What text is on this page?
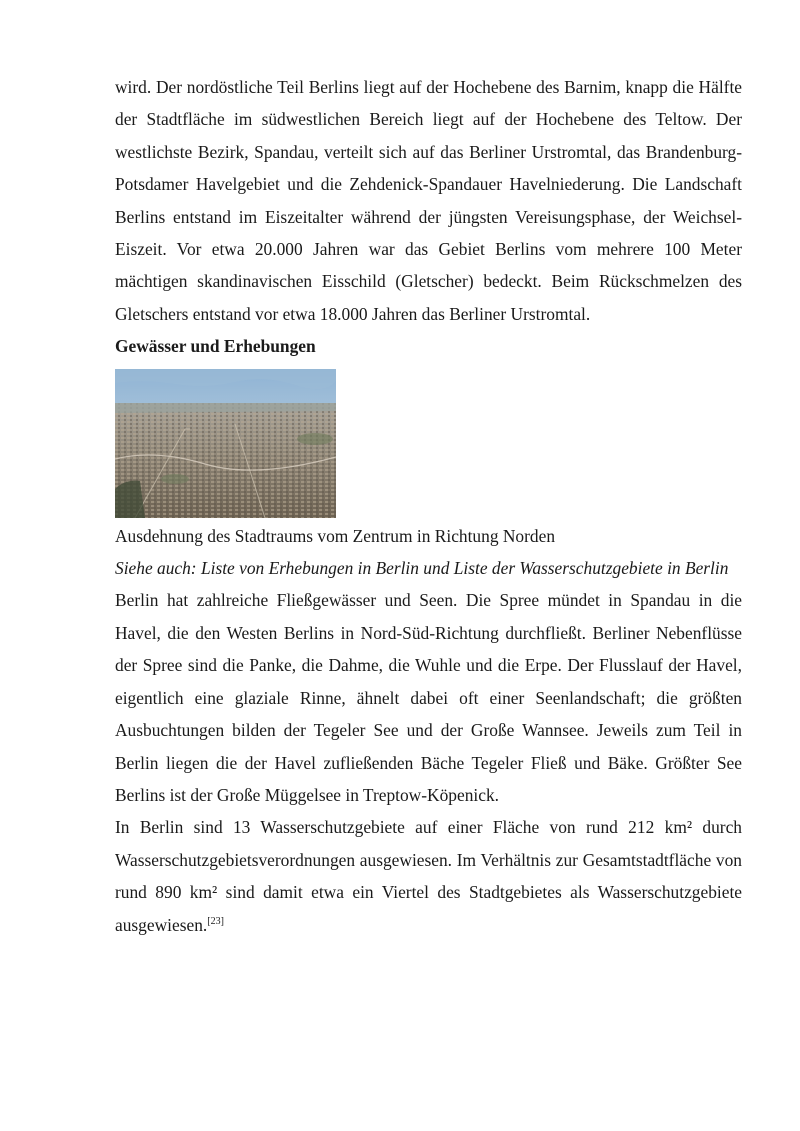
wird. Der nordöstliche Teil Berlins liegt auf der Hochebene des Barnim, knapp die Hälfte der Stadtfläche im südwestlichen Bereich liegt auf der Hochebene des Teltow. Der westlichste Bezirk, Spandau, verteilt sich auf das Berliner Urstromtal, das Brandenburg-Potsdamer Havelgebiet und die Zehdenick-Spandauer Havelniederung. Die Landschaft Berlins entstand im Eiszeitalter während der jüngsten Vereisungsphase, der Weichsel-Eiszeit. Vor etwa 20.000 Jahren war das Gebiet Berlins vom mehrere 100 Meter mächtigen skandinavischen Eisschild (Gletscher) bedeckt. Beim Rückschmelzen des Gletschers entstand vor etwa 18.000 Jahren das Berliner Urstromtal.

Gewässer und Erhebungen

Ausdehnung des Stadtraums vom Zentrum in Richtung Norden

Siehe auch: Liste von Erhebungen in Berlin und Liste der Wasserschutzgebiete in Berlin

Berlin hat zahlreiche Fließgewässer und Seen. Die Spree mündet in Spandau in die Havel, die den Westen Berlins in Nord-Süd-Richtung durchfließt. Berliner Nebenflüsse der Spree sind die Panke, die Dahme, die Wuhle und die Erpe. Der Flusslauf der Havel, eigentlich eine glaziale Rinne, ähnelt dabei oft einer Seenlandschaft; die größten Ausbuchtungen bilden der Tegeler See und der Große Wannsee. Jeweils zum Teil in Berlin liegen die der Havel zufließenden Bäche Tegeler Fließ und Bäke. Größter See Berlins ist der Große Müggelsee in Treptow-Köpenick.

In Berlin sind 13 Wasserschutzgebiete auf einer Fläche von rund 212 km² durch Wasserschutzgebietsverordnungen ausgewiesen. Im Verhältnis zur Gesamtstadtfläche von rund 890 km² sind damit etwa ein Viertel des Stadtgebietes als Wasserschutzgebiete ausgewiesen.[23]
